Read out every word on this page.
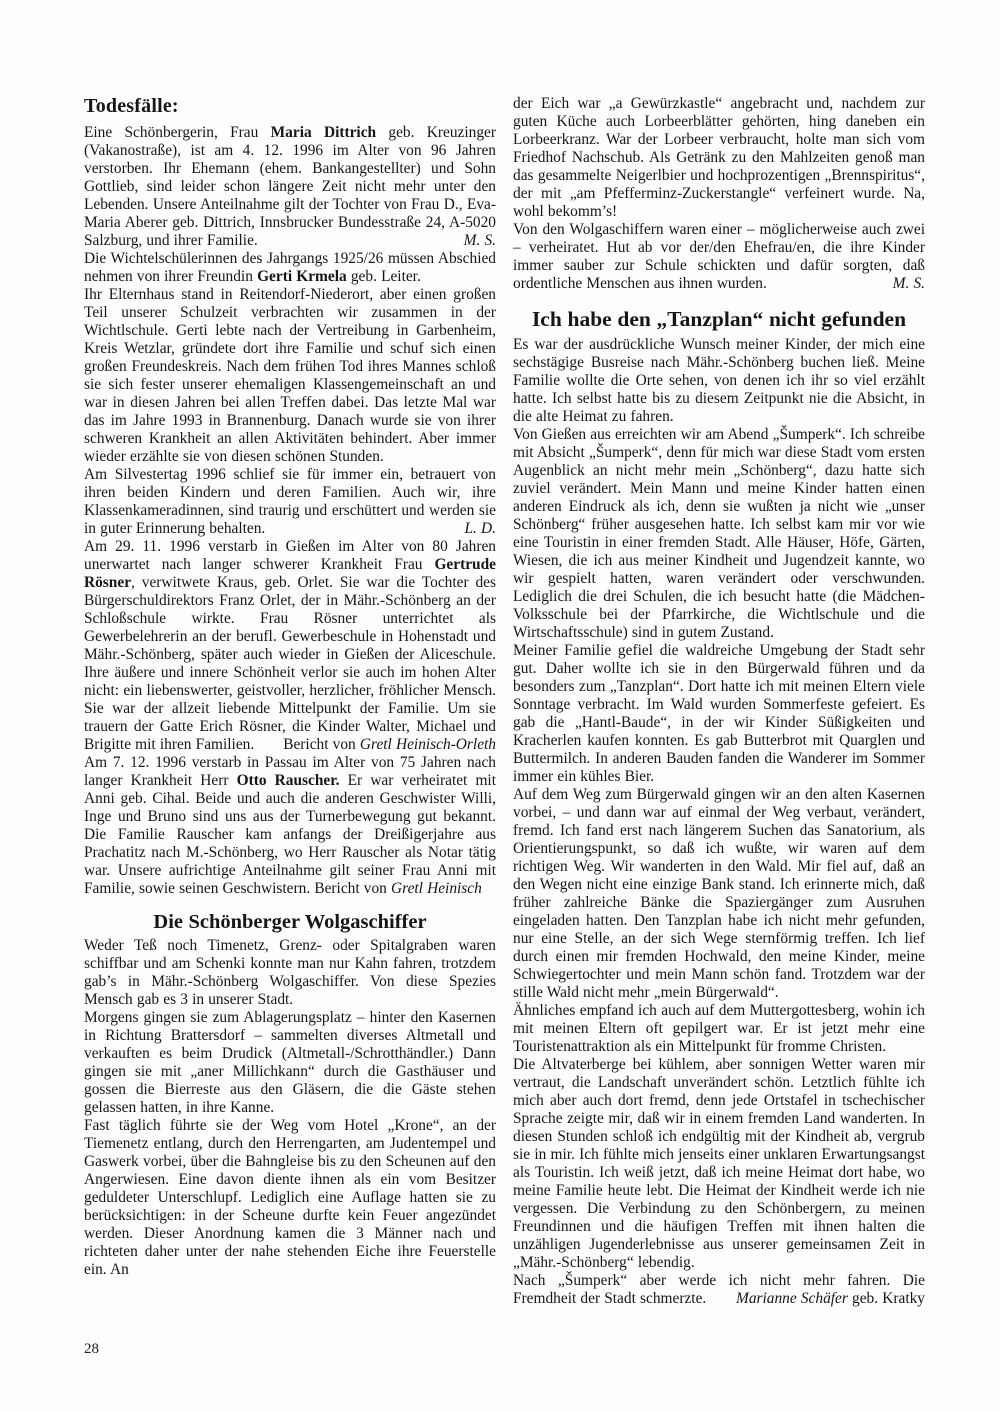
Todesfälle:

Eine Schönbergerin, Frau Maria Dittrich geb. Kreuzinger (Vakanostraße), ist am 4. 12. 1996 im Alter von 96 Jahren verstorben. Ihr Ehemann (ehem. Bankangestellter) und Sohn Gottlieb, sind leider schon längere Zeit nicht mehr unter den Lebenden. Unsere Anteilnahme gilt der Tochter von Frau D., Eva-Maria Aberer geb. Dittrich, Innsbrucker Bundesstraße 24, A-5020 Salzburg, und ihrer Familie.	M. S.

Die Wichtelschülerinnen des Jahrgangs 1925/26 müssen Abschied nehmen von ihrer Freundin Gerti Krmela geb. Leiter.

Ihr Elternhaus stand in Reitendorf-Niederort, aber einen großen Teil unserer Schulzeit verbrachten wir zusammen in der Wichtlschule. Gerti lebte nach der Vertreibung in Garbenheim, Kreis Wetzlar, gründete dort ihre Familie und schuf sich einen großen Freundeskreis. Nach dem frühen Tod ihres Mannes schloß sie sich fester unserer ehemaligen Klassengemeinschaft an und war in diesen Jahren bei allen Treffen dabei. Das letzte Mal war das im Jahre 1993 in Brannenburg. Danach wurde sie von ihrer schweren Krankheit an allen Aktivitäten behindert. Aber immer wieder erzählte sie von diesen schönen Stunden.

Am Silvestertag 1996 schlief sie für immer ein, betrauert von ihren beiden Kindern und deren Familien. Auch wir, ihre Klassenkameradinnen, sind traurig und erschüttert und werden sie in guter Erinnerung behalten.	L. D.

Am 29. 11. 1996 verstarb in Gießen im Alter von 80 Jahren unerwartet nach langer schwerer Krankheit Frau Gertrude Rösner, verwitwete Kraus, geb. Orlet. Sie war die Tochter des Bürgerschuldirektors Franz Orlet, der in Mähr.-Schönberg an der Schloßschule wirkte. Frau Rösner unterrichtet als Gewerbelehrerin an der berufl. Gewerbeschule in Hohenstadt und Mähr.-Schönberg, später auch wieder in Gießen der Aliceschule. Ihre äußere und innere Schönheit verlor sie auch im hohen Alter nicht: ein liebenswerter, geistvoller, herzlicher, fröhlicher Mensch. Sie war der allzeit liebende Mittelpunkt der Familie. Um sie trauern der Gatte Erich Rösner, die Kinder Walter, Michael und Brigitte mit ihren Familien.	Bericht von Gretl Heinisch-Orleth

Am 7. 12. 1996 verstarb in Passau im Alter von 75 Jahren nach langer Krankheit Herr Otto Rauscher. Er war verheiratet mit Anni geb. Cihal. Beide und auch die anderen Geschwister Willi, Inge und Bruno sind uns aus der Turnerbewegung gut bekannt. Die Familie Rauscher kam anfangs der Dreißigerjahre aus Prachatitz nach M.-Schönberg, wo Herr Rauscher als Notar tätig war. Unsere aufrichtige Anteilnahme gilt seiner Frau Anni mit Familie, sowie seinen Geschwistern. Bericht von Gretl Heinisch

Die Schönberger Wolgaschiffer

Weder Teß noch Timenetz, Grenz- oder Spitalgraben waren schiffbar und am Schenki konnte man nur Kahn fahren, trotzdem gab’s in Mähr.-Schönberg Wolgaschiffer. Von diese Spezies Mensch gab es 3 in unserer Stadt.

Morgens gingen sie zum Ablagerungsplatz – hinter den Kasernen in Richtung Brattersdorf – sammelten diverses Altmetall und verkauften es beim Drudick (Altmetall-/Schrotthändler.) Dann gingen sie mit „aner Millichkann“ durch die Gasthäuser und gossen die Bierreste aus den Gläsern, die die Gäste stehen gelassen hatten, in ihre Kanne.

Fast täglich führte sie der Weg vom Hotel „Krone“, an der Tiemenetz entlang, durch den Herrengarten, am Judentempel und Gaswerk vorbei, über die Bahngleise bis zu den Scheunen auf den Angerwiesen. Eine davon diente ihnen als ein vom Besitzer geduldeter Unterschlupf. Lediglich eine Auflage hatten sie zu berücksichtigen: in der Scheune durfte kein Feuer angezündet werden. Dieser Anordnung kamen die 3 Männer nach und richteten daher unter der nahe stehenden Eiche ihre Feuerstelle ein. An

der Eich war „a Gewürzkastle“ angebracht und, nachdem zur guten Küche auch Lorbeerblätter gehörten, hing daneben ein Lorbeerkranz. War der Lorbeer verbraucht, holte man sich vom Friedhof Nachschub. Als Getränk zu den Mahlzeiten genoß man das gesammelte Neigerlbier und hochprozentigen „Brennspiritus“, der mit „am Pfefferminz-Zuckerstangle“ verfeinert wurde. Na, wohl bekomm’s!

Von den Wolgaschiffern waren einer – möglicherweise auch zwei – verheiratet. Hut ab vor der/den Ehefrau/en, die ihre Kinder immer sauber zur Schule schickten und dafür sorgten, daß ordentliche Menschen aus ihnen wurden.	M. S.
Ich habe den „Tanzplan“ nicht gefunden

Es war der ausdrückliche Wunsch meiner Kinder, der mich eine sechstägige Busreise nach Mähr.-Schönberg buchen ließ. Meine Familie wollte die Orte sehen, von denen ich ihr so viel erzählt hatte. Ich selbst hatte bis zu diesem Zeitpunkt nie die Absicht, in die alte Heimat zu fahren.

Von Gießen aus erreichten wir am Abend „Šumperk“. Ich schreibe mit Absicht „Šumperk“, denn für mich war diese Stadt vom ersten Augenblick an nicht mehr mein „Schönberg“, dazu hatte sich zuviel verändert. Mein Mann und meine Kinder hatten einen anderen Eindruck als ich, denn sie wußten ja nicht wie „unser Schönberg“ früher ausgesehen hatte. Ich selbst kam mir vor wie eine Touristin in einer fremden Stadt. Alle Häuser, Höfe, Gärten, Wiesen, die ich aus meiner Kindheit und Jugendzeit kannte, wo wir gespielt hatten, waren verändert oder verschwunden. Lediglich die drei Schulen, die ich besucht hatte (die Mädchen-Volksschule bei der Pfarrkirche, die Wichtlschule und die Wirtschaftsschule) sind in gutem Zustand.

Meiner Familie gefiel die waldreiche Umgebung der Stadt sehr gut. Daher wollte ich sie in den Bürgerwald führen und da besonders zum „Tanzplan“. Dort hatte ich mit meinen Eltern viele Sonntage verbracht. Im Wald wurden Sommerfeste gefeiert. Es gab die „Hantl-Baude“, in der wir Kinder Süßigkeiten und Kracherlen kaufen konnten. Es gab Butterbrot mit Quarglen und Buttermilch. In anderen Bauden fanden die Wanderer im Sommer immer ein kühles Bier.

Auf dem Weg zum Bürgerwald gingen wir an den alten Kasernen vorbei, – und dann war auf einmal der Weg verbaut, verändert, fremd. Ich fand erst nach längerem Suchen das Sanatorium, als Orientierungspunkt, so daß ich wußte, wir waren auf dem richtigen Weg. Wir wanderten in den Wald. Mir fiel auf, daß an den Wegen nicht eine einzige Bank stand. Ich erinnerte mich, daß früher zahlreiche Bänke die Spaziergänger zum Ausruhen eingeladen hatten. Den Tanzplan habe ich nicht mehr gefunden, nur eine Stelle, an der sich Wege sternförmig treffen. Ich lief durch einen mir fremden Hochwald, den meine Kinder, meine Schwiegertochter und mein Mann schön fand. Trotzdem war der stille Wald nicht mehr „mein Bürgerwald“.

Ähnliches empfand ich auch auf dem Muttergottesberg, wohin ich mit meinen Eltern oft gepilgert war. Er ist jetzt mehr eine Touristenattraktion als ein Mittelpunkt für fromme Christen.

Die Altvaterberge bei kühlem, aber sonnigen Wetter waren mir vertraut, die Landschaft unverändert schön. Letztlich fühlte ich mich aber auch dort fremd, denn jede Ortstafel in tschechischer Sprache zeigte mir, daß wir in einem fremden Land wanderten. In diesen Stunden schloß ich endgültig mit der Kindheit ab, vergrub sie in mir. Ich fühlte mich jenseits einer unklaren Erwartungsangst als Touristin. Ich weiß jetzt, daß ich meine Heimat dort habe, wo meine Familie heute lebt. Die Heimat der Kindheit werde ich nie vergessen. Die Verbindung zu den Schönbergern, zu meinen Freundinnen und die häufigen Treffen mit ihnen halten die unzähligen Jugenderlebnisse aus unserer gemeinsamen Zeit in „Mähr.-Schönberg“ lebendig.

Nach „Šumperk“ aber werde ich nicht mehr fahren. Die Fremdheit der Stadt schmerzte.	Marianne Schäfer geb. Kratky
28
